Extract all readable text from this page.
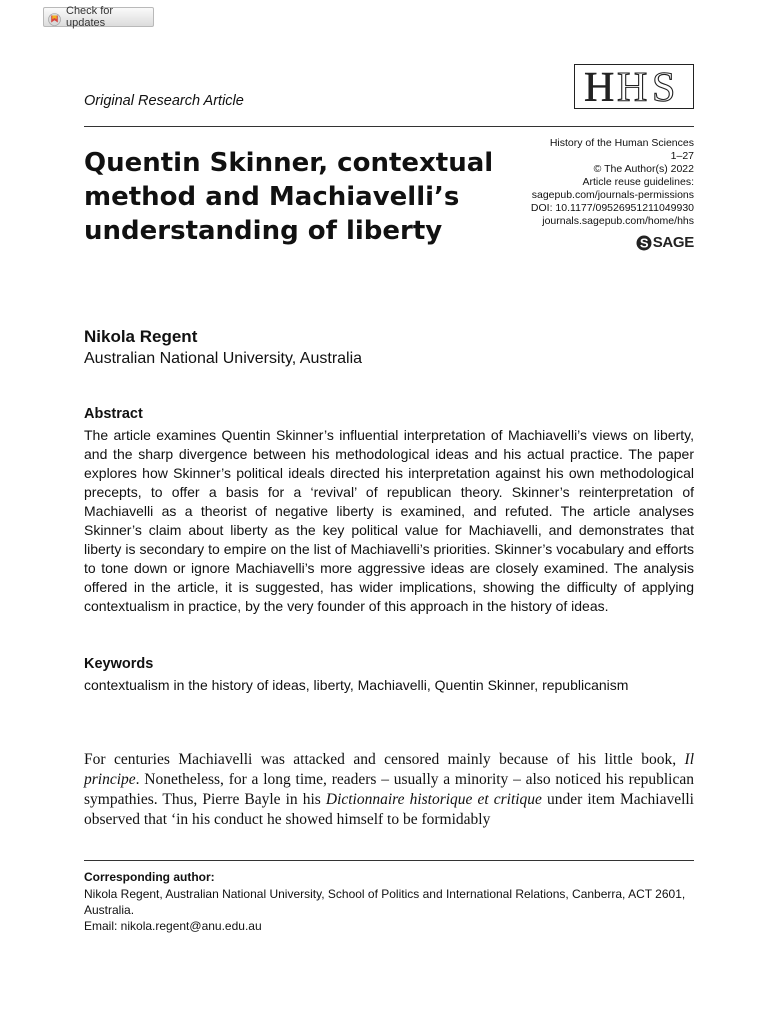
Check for updates
Original Research Article	H H S
Quentin Skinner, contextual method and Machiavelli’s understanding of liberty
History of the Human Sciences
1–27
© The Author(s) 2022
Article reuse guidelines:
sagepub.com/journals-permissions
DOI: 10.1177/09526951211049930
journals.sagepub.com/home/hhs
S SAGE
Nikola Regent
Australian National University, Australia
Abstract

The article examines Quentin Skinner’s influential interpretation of Machiavelli’s views on liberty, and the sharp divergence between his methodological ideas and his actual practice. The paper explores how Skinner’s political ideals directed his interpretation against his own methodological precepts, to offer a basis for a ‘revival’ of republican theory. Skinner’s reinterpretation of Machiavelli as a theorist of negative liberty is examined, and refuted. The article analyses Skinner’s claim about liberty as the key political value for Machiavelli, and demonstrates that liberty is secondary to empire on the list of Machiavelli’s priorities. Skinner’s vocabulary and efforts to tone down or ignore Machiavelli’s more aggressive ideas are closely examined. The analysis offered in the article, it is suggested, has wider implications, showing the difficulty of applying contextualism in practice, by the very founder of this approach in the history of ideas.

Keywords
contextualism in the history of ideas, liberty, Machiavelli, Quentin Skinner, republicanism

For centuries Machiavelli was attacked and censored mainly because of his little book, Il principe. Nonetheless, for a long time, readers – usually a minority – also noticed his republican sympathies. Thus, Pierre Bayle in his Dictionnaire historique et critique under item Machiavelli observed that ‘in his conduct he showed himself to be formidably

Corresponding author:
Nikola Regent, Australian National University, School of Politics and International Relations, Canberra, ACT 2601, Australia.
Email: nikola.regent@anu.edu.au
